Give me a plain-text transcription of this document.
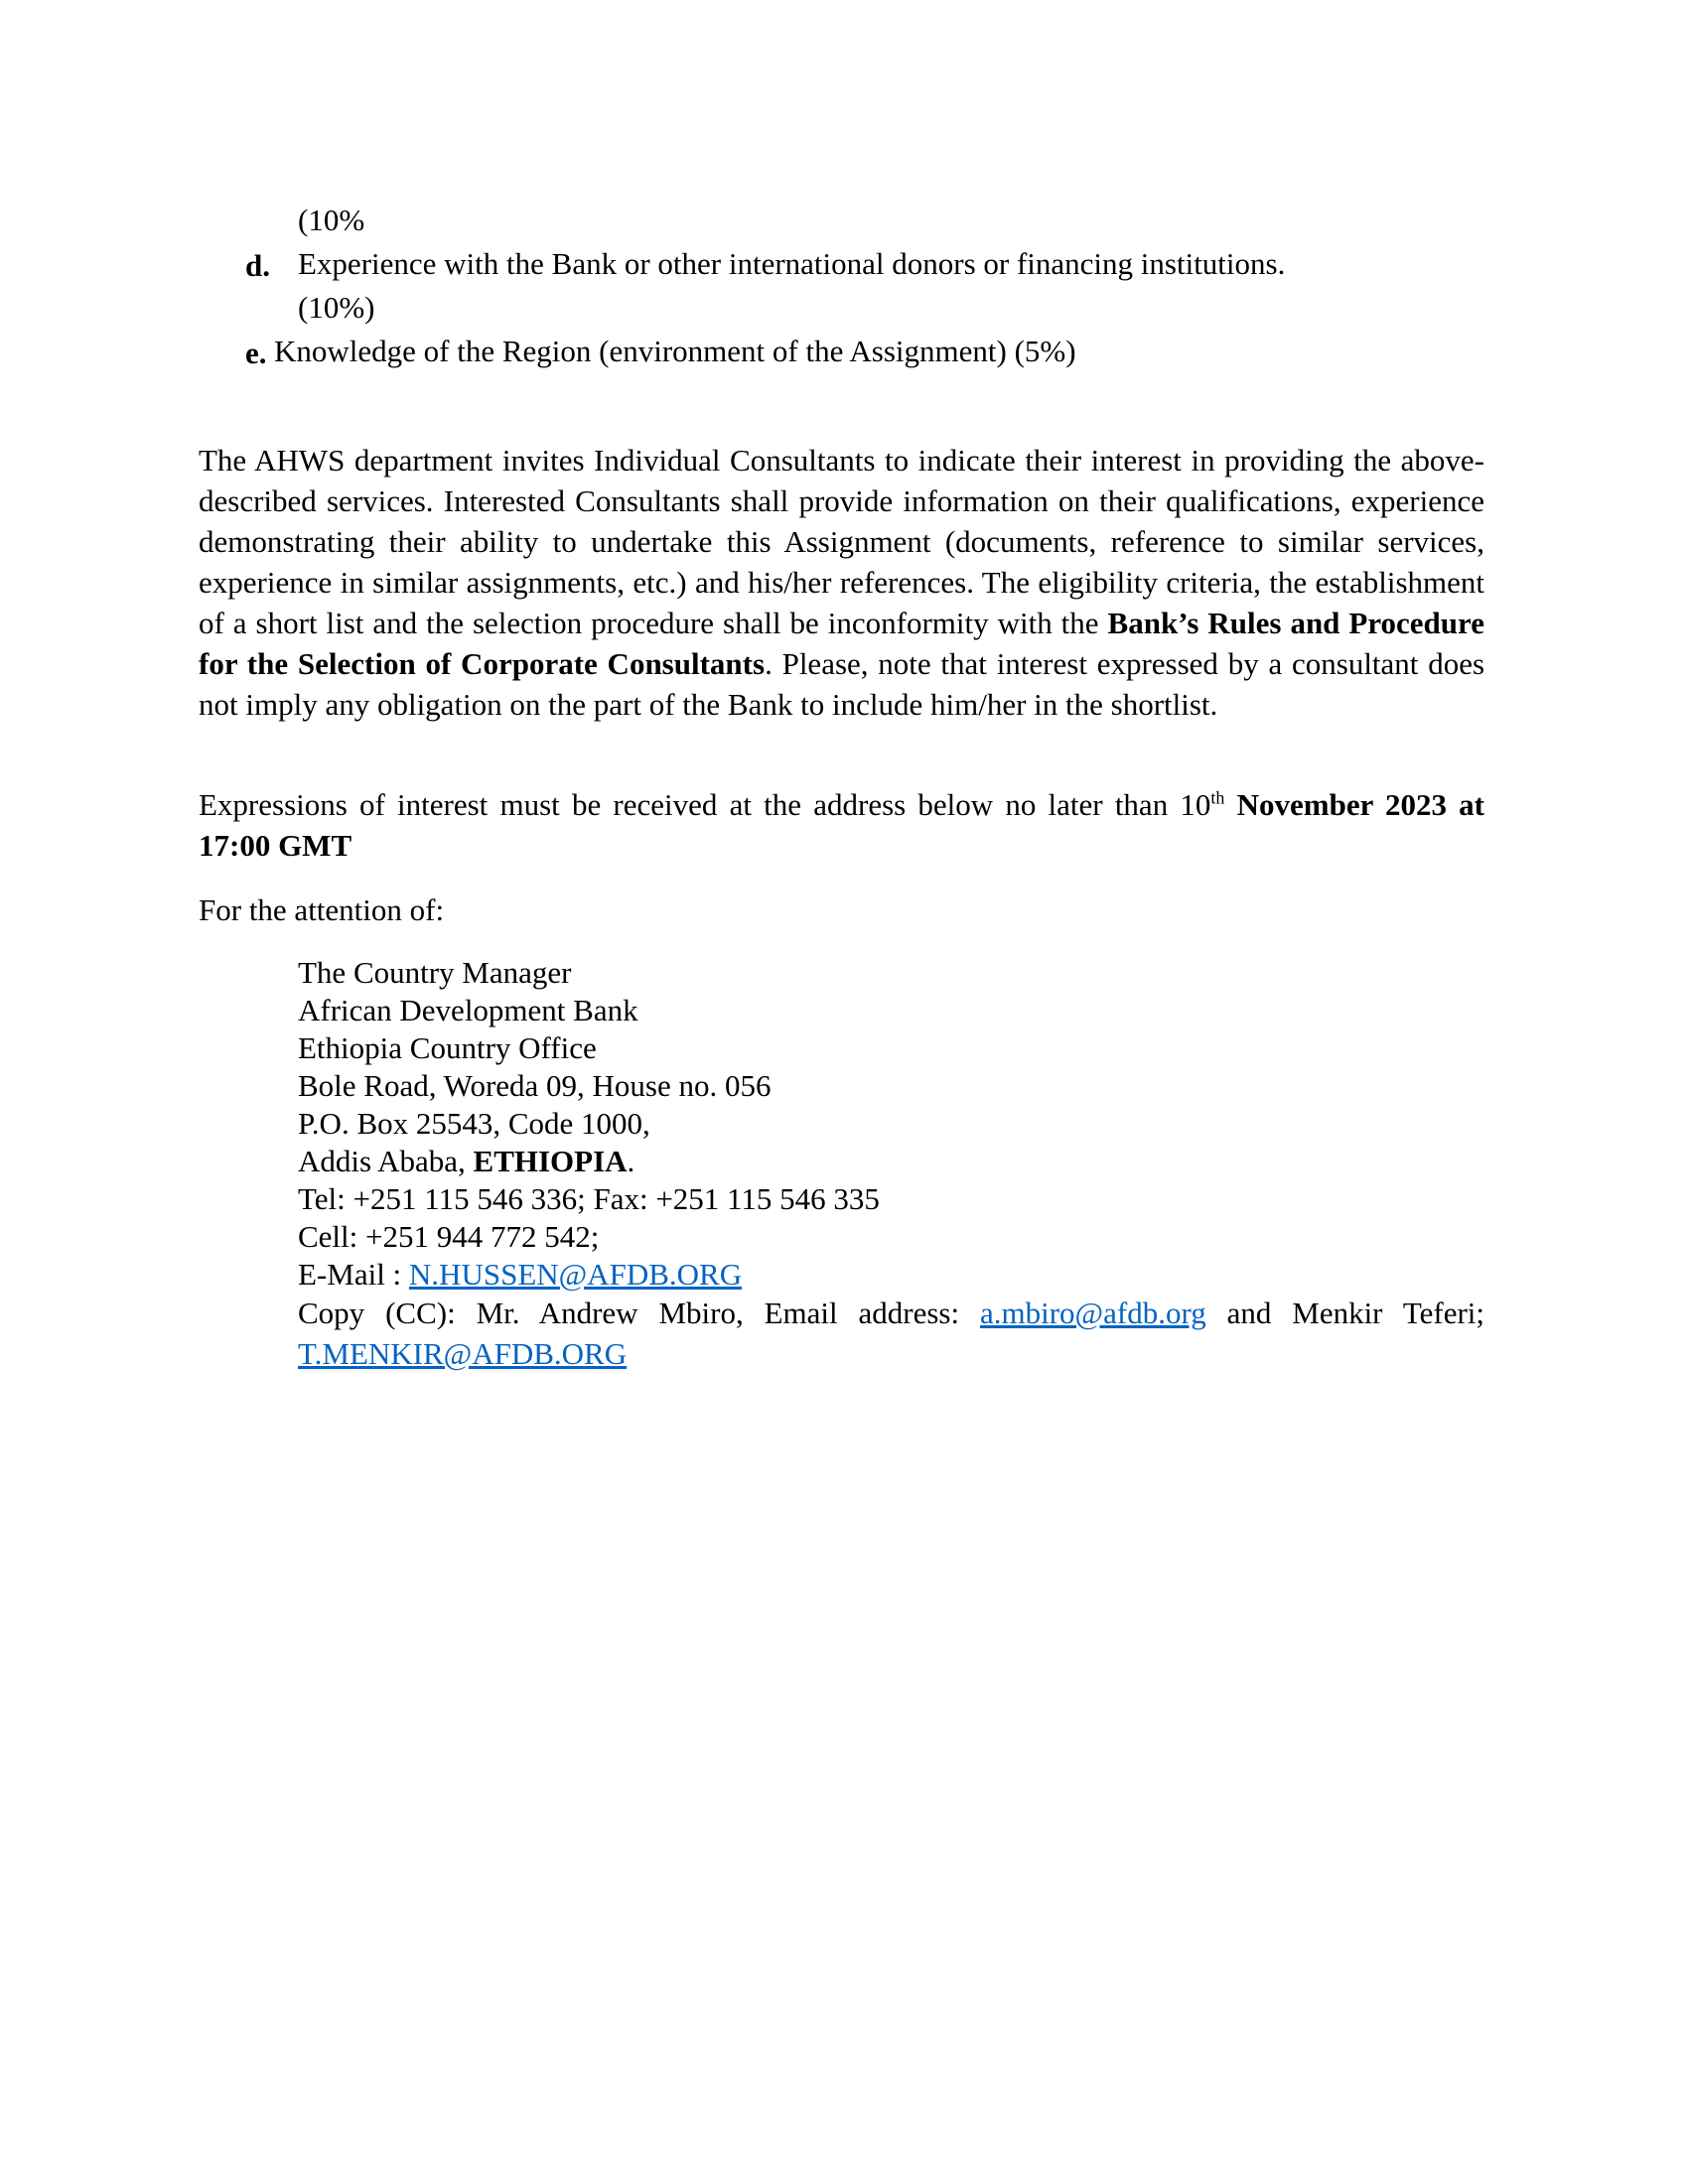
(10%
d. Experience with the Bank or other international donors or financing institutions.
(10%)
e. Knowledge of the Region (environment of the Assignment) (5%)

The AHWS department invites Individual Consultants to indicate their interest in providing the above-described services. Interested Consultants shall provide information on their qualifications, experience demonstrating their ability to undertake this Assignment (documents, reference to similar services, experience in similar assignments, etc.) and his/her references. The eligibility criteria, the establishment of a short list and the selection procedure shall be inconformity with the Bank’s Rules and Procedure for the Selection of Corporate Consultants. Please, note that interest expressed by a consultant does not imply any obligation on the part of the Bank to include him/her in the shortlist.

Expressions of interest must be received at the address below no later than 10th November 2023 at 17:00 GMT

For the attention of:
The Country Manager
African Development Bank
Ethiopia Country Office
Bole Road, Woreda 09, House no. 056
P.O. Box 25543, Code 1000,
Addis Ababa, ETHIOPIA.
Tel: +251 115 546 336; Fax: +251 115 546 335
Cell: +251 944 772 542;
E-Mail : N.HUSSEN@AFDB.ORG
Copy (CC): Mr. Andrew Mbiro, Email address: a.mbiro@afdb.org and Menkir Teferi;
T.MENKIR@AFDB.ORG
